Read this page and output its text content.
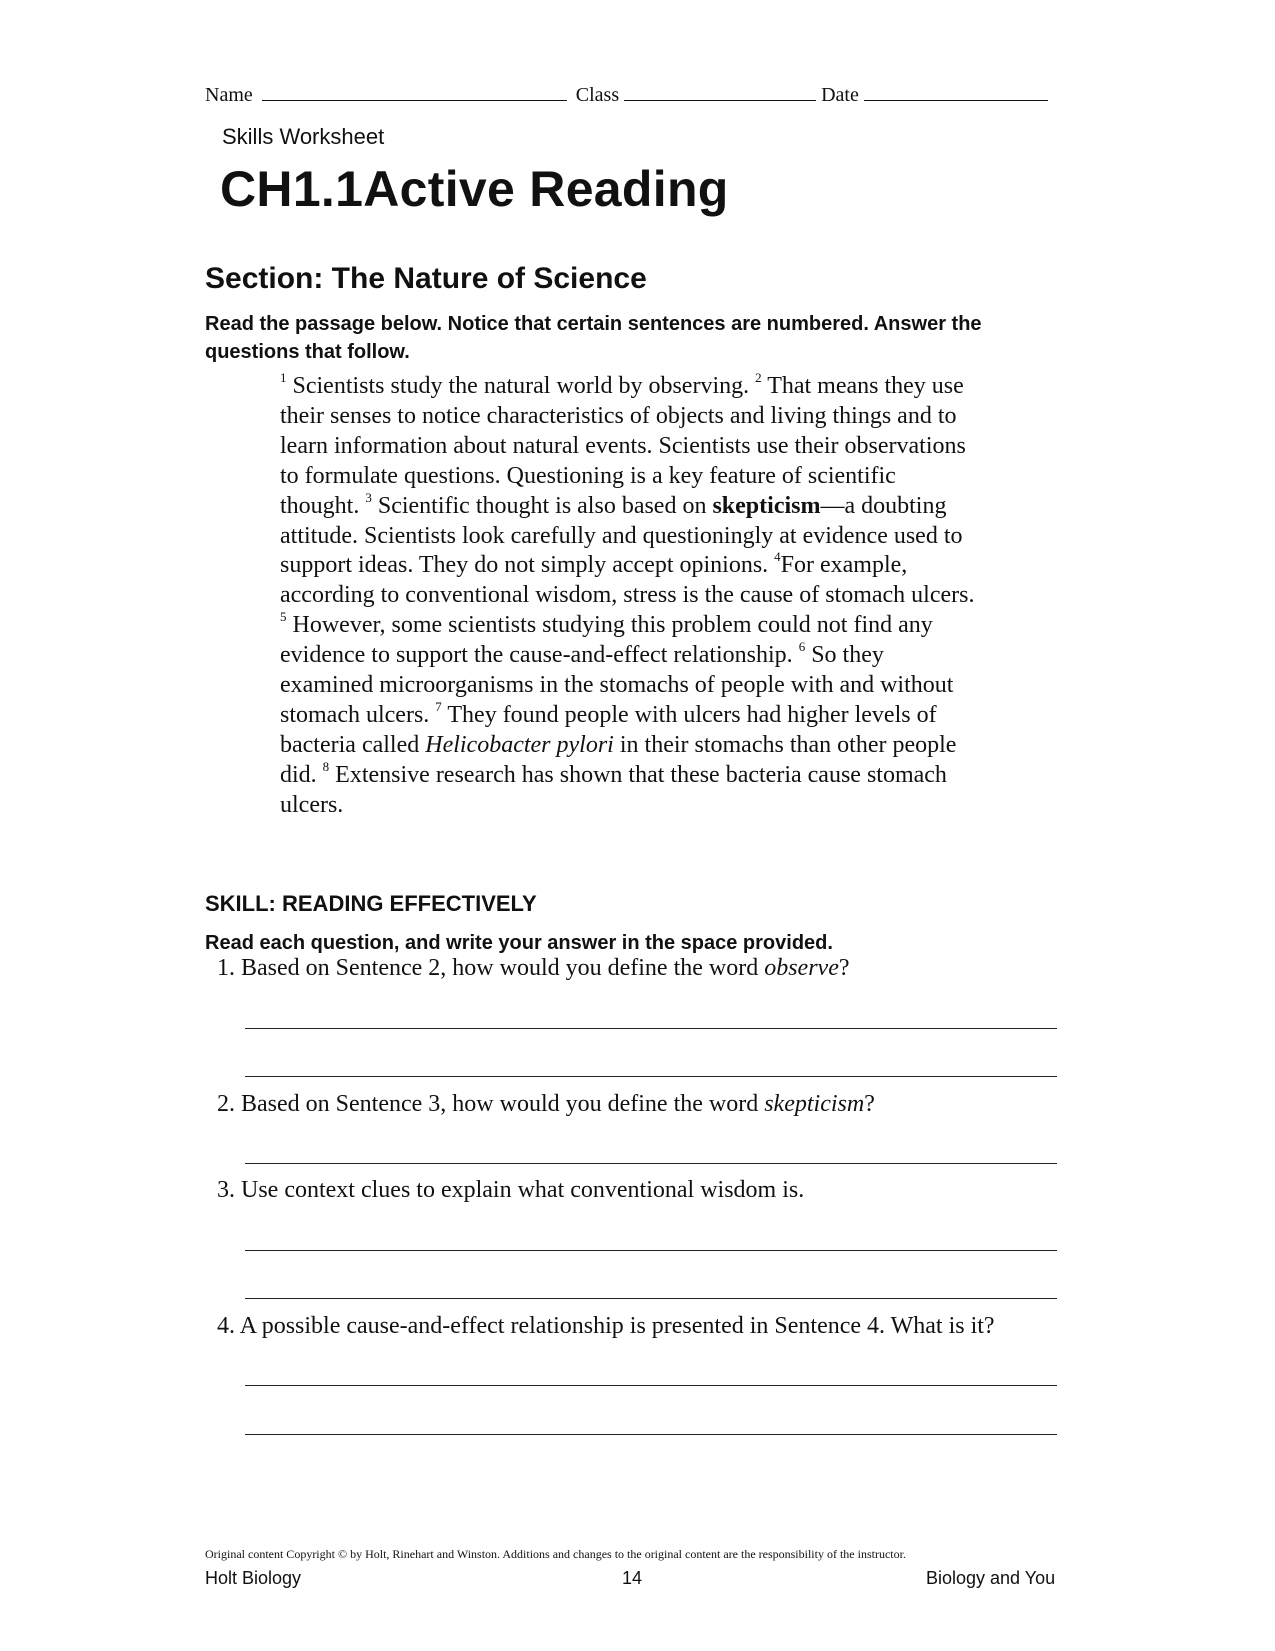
Name	Class	Date
Skills Worksheet
CH1.1Active Reading
Section: The Nature of Science
Read the passage below. Notice that certain sentences are numbered. Answer the questions that follow.
$^1$ Scientists study the natural world by observing. $^2$ That means they use their senses to notice characteristics of objects and living things and to learn information about natural events. Scientists use their observations to formulate questions. Questioning is a key feature of scientific thought. $^3$ Scientific thought is also based on skepticism—a doubting attitude. Scientists look carefully and questioningly at evidence used to support ideas. They do not simply accept opinions. $^4$For example, according to conventional wisdom, stress is the cause of stomach ulcers. $^5$ However, some scientists studying this problem could not find any evidence to support the cause-and-effect relationship. $^6$ So they examined microorganisms in the stomachs of people with and without stomach ulcers. $^7$ They found people with ulcers had higher levels of bacteria called Helicobacter pylori in their stomachs than other people did. $^8$ Extensive research has shown that these bacteria cause stomach ulcers.
SKILL: READING EFFECTIVELY
Read each question, and write your answer in the space provided.
1. Based on Sentence 2, how would you define the word observe?
2. Based on Sentence 3, how would you define the word skepticism?
3. Use context clues to explain what conventional wisdom is.
4. A possible cause-and-effect relationship is presented in Sentence 4. What is it?
Original content Copyright © by Holt, Rinehart and Winston. Additions and changes to the original content are the responsibility of the instructor.
Holt Biology	14	Biology and You
